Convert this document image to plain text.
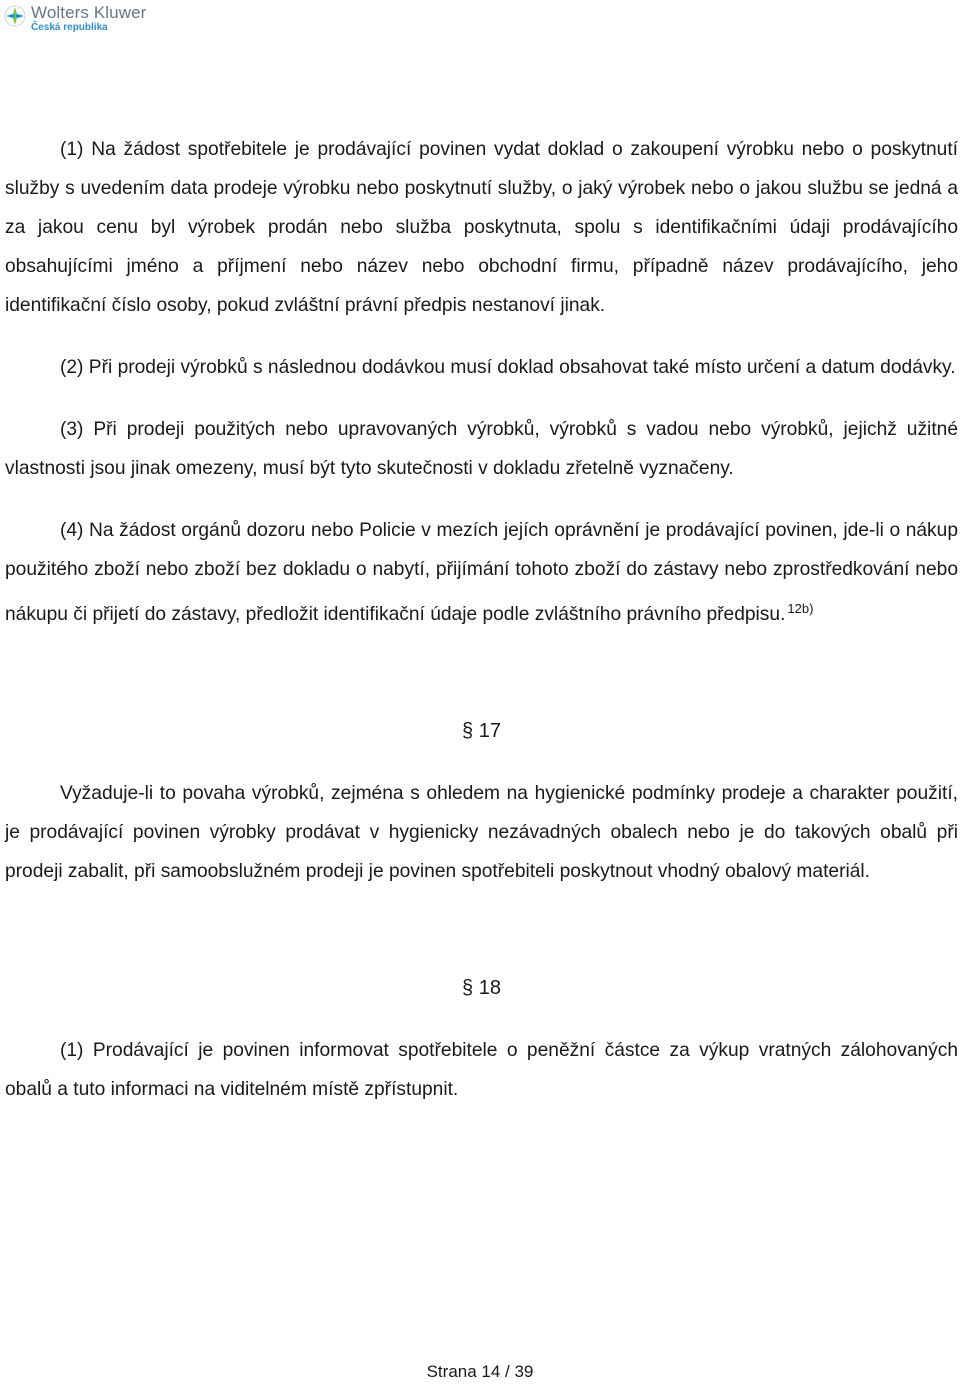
Wolters Kluwer
Česká republika

(1) Na žádost spotřebitele je prodávající povinen vydat doklad o zakoupení výrobku nebo o poskytnutí služby s uvedením data prodeje výrobku nebo poskytnutí služby, o jaký výrobek nebo o jakou službu se jedná a za jakou cenu byl výrobek prodán nebo služba poskytnuta, spolu s identifikačními údaji prodávajícího obsahujícími jméno a příjmení nebo název nebo obchodní firmu, případně název prodávajícího, jeho identifikační číslo osoby, pokud zvláštní právní předpis nestanoví jinak.

(2) Při prodeji výrobků s následnou dodávkou musí doklad obsahovat také místo určení a datum dodávky.

(3) Při prodeji použitých nebo upravovaných výrobků, výrobků s vadou nebo výrobků, jejichž užitné vlastnosti jsou jinak omezeny, musí být tyto skutečnosti v dokladu zřetelně vyznačeny.

(4) Na žádost orgánů dozoru nebo Policie v mezích jejích oprávnění je prodávající povinen, jde-li o nákup použitého zboží nebo zboží bez dokladu o nabytí, přijímání tohoto zboží do zástavy nebo zprostředkování nebo nákupu či přijetí do zástavy, předložit identifikační údaje podle zvláštního právního předpisu. $^{12b)}$

§ 17

Vyžaduje-li to povaha výrobků, zejména s ohledem na hygienické podmínky prodeje a charakter použití, je prodávající povinen výrobky prodávat v hygienicky nezávadných obalech nebo je do takových obalů při prodeji zabalit, při samoobslužném prodeji je povinen spotřebiteli poskytnout vhodný obalový materiál.

§ 18

(1) Prodávající je povinen informovat spotřebitele o peněžní částce za výkup vratných zálohovaných obalů a tuto informaci na viditelném místě zpřístupnit.

Strana 14 / 39
